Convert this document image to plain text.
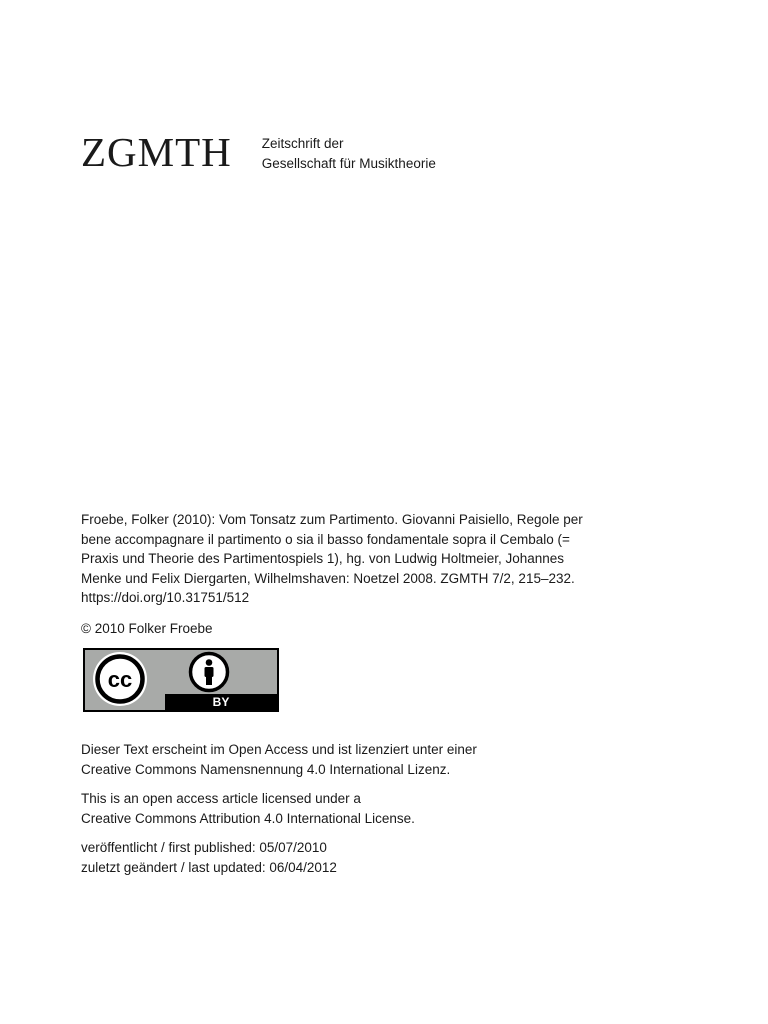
ZGMTH Zeitschrift der
Gesellschaft für Musiktheorie
Froebe, Folker (2010): Vom Tonsatz zum Partimento. Giovanni Paisiello, Regole per
bene accompagnare il partimento o sia il basso fondamentale sopra il Cembalo (=
Praxis und Theorie des Partimentospiels 1), hg. von Ludwig Holtmeier, Johannes
Menke und Felix Diergarten, Wilhelmshaven: Noetzel 2008. ZGMTH 7/2, 215–232.
https://doi.org/10.31751/512
© 2010 Folker Froebe
cc
BY
Dieser Text erscheint im Open Access und ist lizenziert unter einer
Creative Commons Namensnennung 4.0 International Lizenz.
This is an open access article licensed under a
Creative Commons Attribution 4.0 International License.
veröffentlicht / first published: 05/07/2010
zuletzt geändert / last updated: 06/04/2012
